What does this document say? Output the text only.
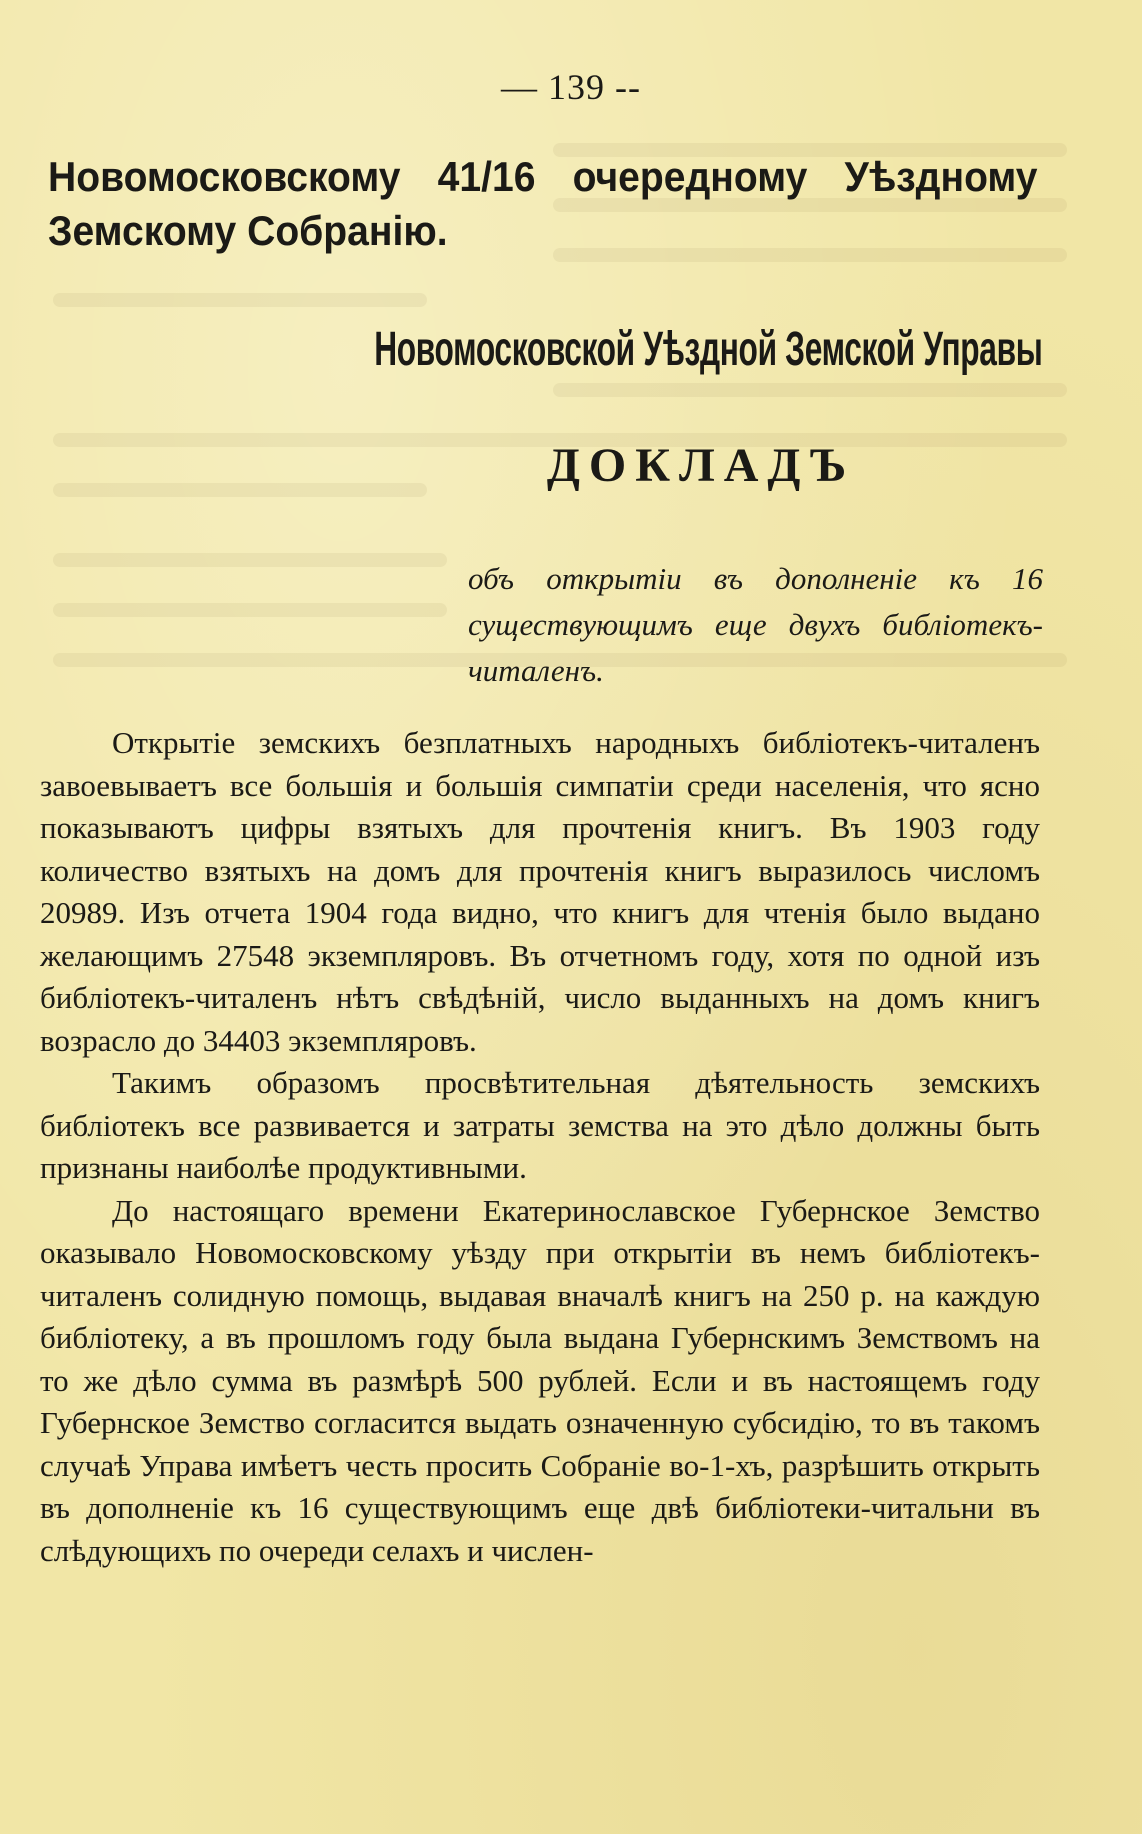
— 139 --
Новомосковскому 41/16 очередному Уѣздному Земскому Собранію.
Новомосковской Уѣздной Земской Управы
ДОКЛАДЪ
объ открытіи въ дополненіе къ 16 существующимъ еще двухъ библіотекъ-читаленъ.

Открытіе земскихъ безплатныхъ народныхъ библіотекъ-читаленъ завоевываетъ все большія и большія симпатіи среди населенія, что ясно показываютъ цифры взятыхъ для прочтенія книгъ. Въ 1903 году количество взятыхъ на домъ для прочтенія книгъ выразилось числомъ 20989. Изъ отчета 1904 года видно, что книгъ для чтенія было выдано желающимъ 27548 экземпляровъ. Въ отчетномъ году, хотя по одной изъ библіотекъ-читаленъ нѣтъ свѣдѣній, число выданныхъ на домъ книгъ возрасло до 34403 экземпляровъ.

Такимъ образомъ просвѣтительная дѣятельность земскихъ библіотекъ все развивается и затраты земства на это дѣло должны быть признаны наиболѣе продуктивными.

До настоящаго времени Екатеринославское Губернское Земство оказывало Новомосковскому уѣзду при открытіи въ немъ библіотекъ-читаленъ солидную помощь, выдавая вначалѣ книгъ на 250 р. на каждую библіотеку, а въ прошломъ году была выдана Губернскимъ Земствомъ на то же дѣло сумма въ размѣрѣ 500 рублей. Если и въ настоящемъ году Губернское Земство согласится выдать означенную субсидію, то въ такомъ случаѣ Управа имѣетъ честь просить Собраніе во-1-хъ, разрѣшить открыть въ дополненіе къ 16 существующимъ еще двѣ библіотеки-читальни въ слѣдующихъ по очереди селахъ и числен-
